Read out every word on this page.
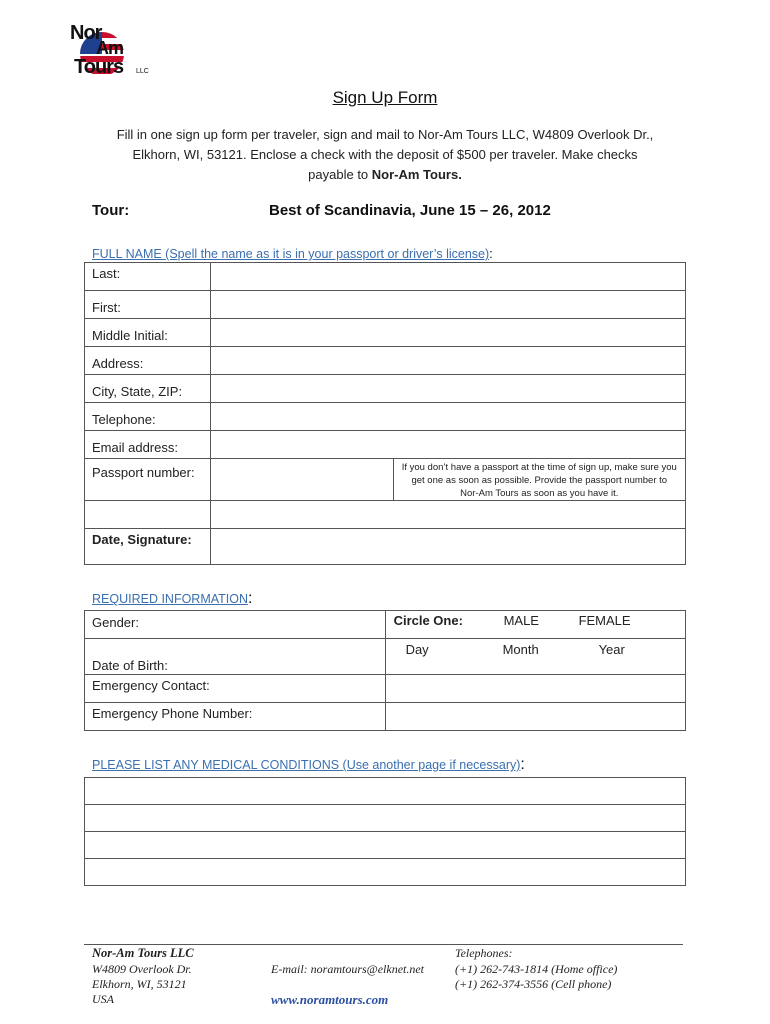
Nor
Am
Tours LLC
Sign Up Form
Fill in one sign up form per traveler, sign and mail to Nor-Am Tours LLC, W4809 Overlook Dr.,
Elkhorn, WI, 53121. Enclose a check with the deposit of $500 per traveler. Make checks
payable to Nor-Am Tours.
Tour:	Best of Scandinavia, June 15 – 26, 2012
FULL NAME (Spell the name as it is in your passport or driver’s license):
Last:		
First:		
Middle Initial:		
Address:		
City, State, ZIP:		
Telephone:		
Email address:		
Passport number:		If you don’t have a passport at the time of sign up, make sure you get one as soon as possible. Provide the passport number to Nor-Am Tours as soon as you have it.

Date, Signature:		
REQUIRED INFORMATION:
Gender:	Circle One: MALE FEMALE

Date of Birth:	Day Month Year

Emergency Contact:	
Emergency Phone Number:	
PLEASE LIST ANY MEDICAL CONDITIONS (Use another page if necessary):

Nor-Am Tours LLC
W4809 Overlook Dr.
Elkhorn, WI, 53121
USA
E-mail: noramtours@elknet.net
www.noramtours.com
Telephones:
(+1) 262-743-1814 (Home office)
(+1) 262-374-3556 (Cell phone)
